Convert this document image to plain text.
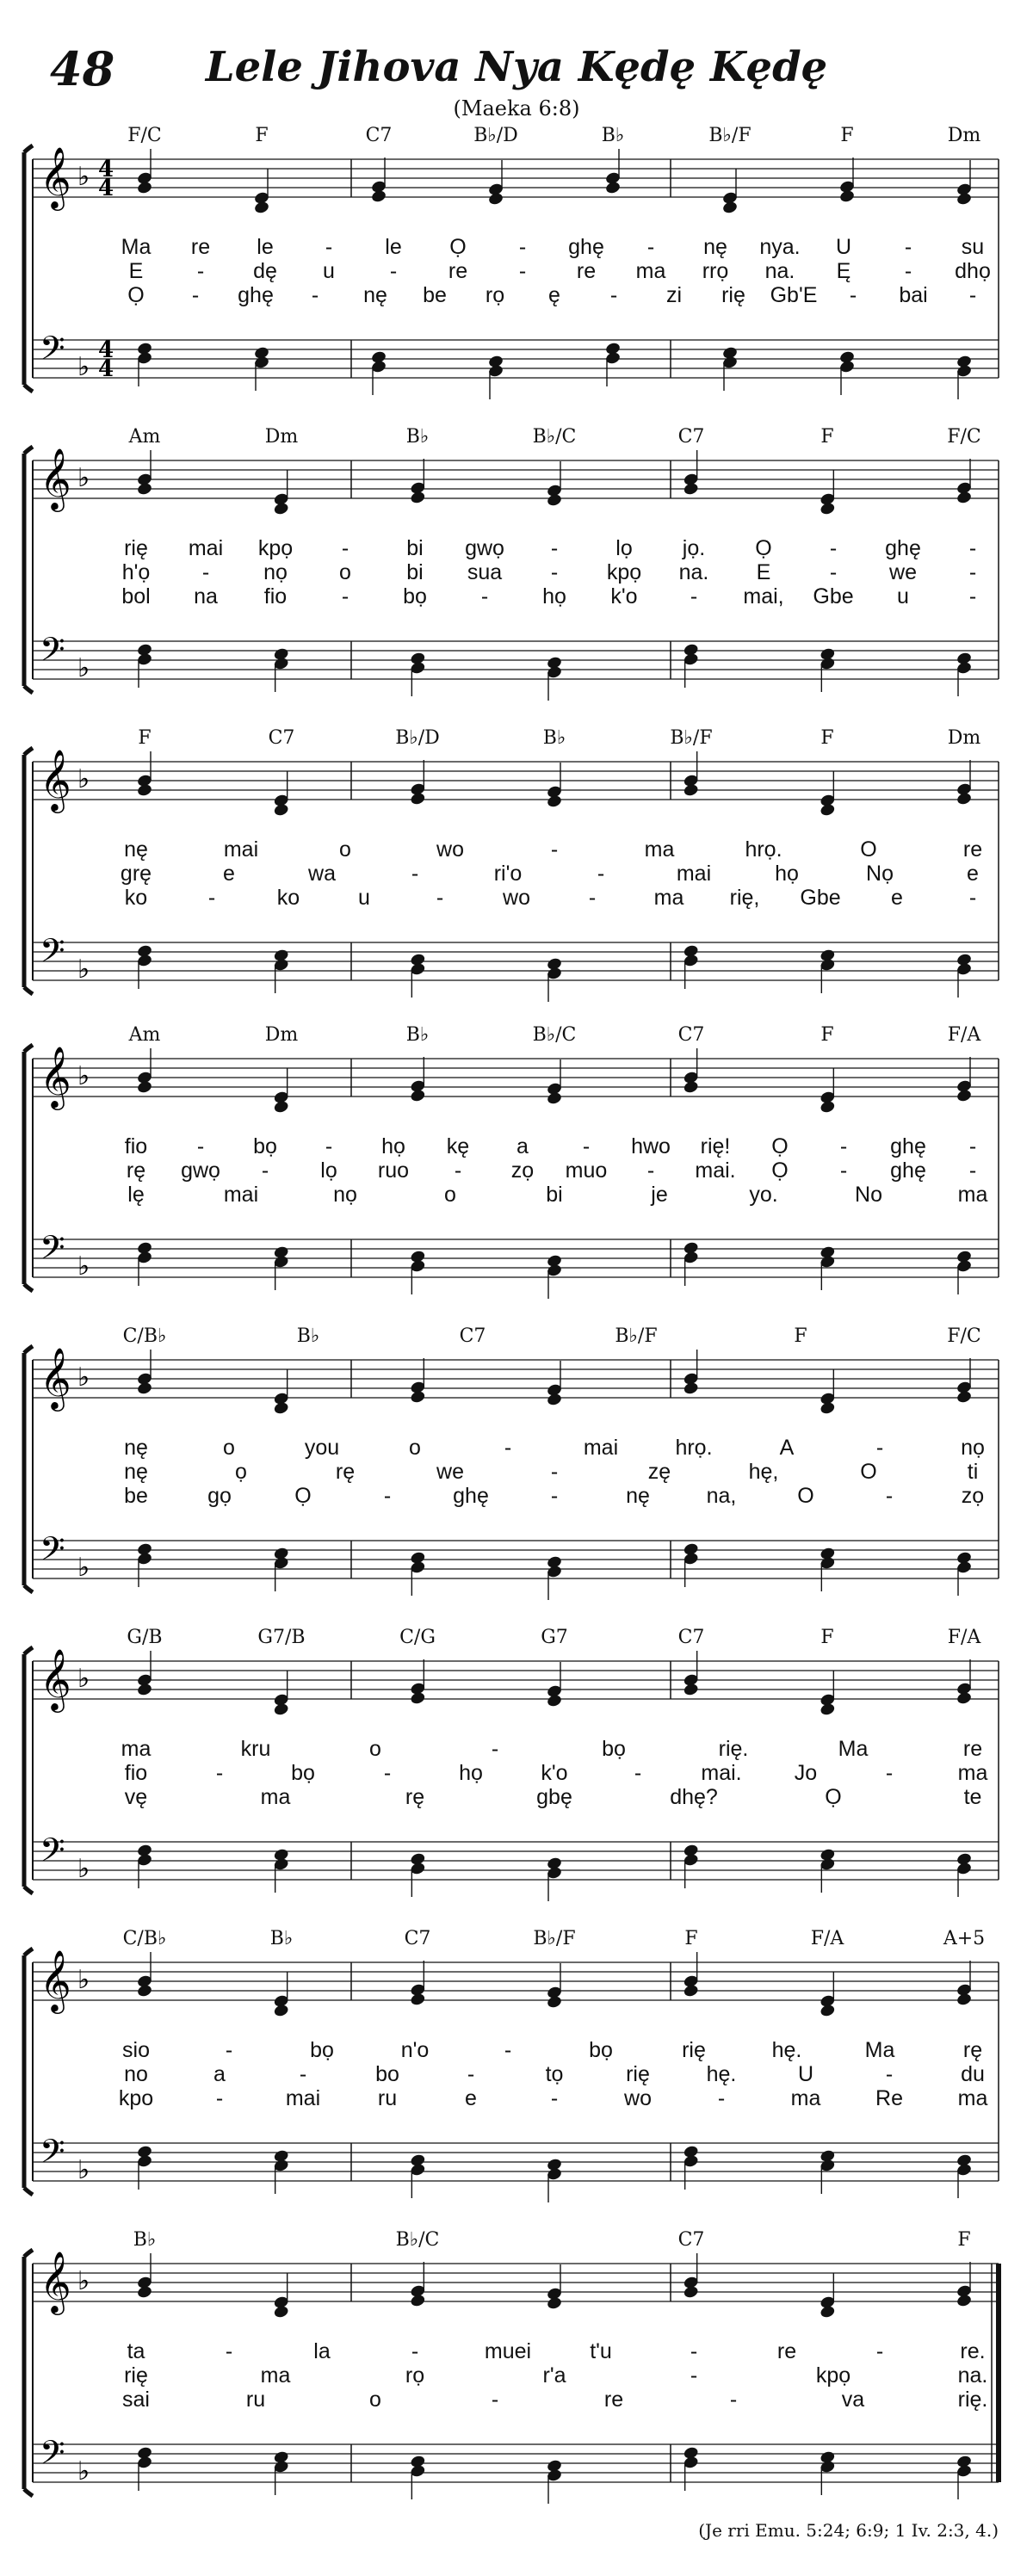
48	Lele Jihova Nya Kędę Kędę
(Maeka 6:8)
𝄞
𝄢
♭
♭
4
4
4
4
F/C	F	C7	B♭/D	B♭	B♭/F	F	Dm
Ma re le - le Ọ - ghę - nę nya. U - su
E - dę u	- re - re ma rrọ na. Ę - dhọ
Ọ - ghę - nę be rọ ę - zi rię Gb'E - bai -
𝄞
𝄢
♭
♭
Am	Dm	B♭	B♭/C	C7	F	F/C
rię mai kpọ -	bi gwọ -	lọ jọ. Ọ	- ghę -
h'ọ -	nọ o	bi sua - kpọ na. E	- we -
bol na fio	-	bọ	-	họ k'o - mai, Gbe u	-
𝄞
𝄢
♭
♭
F	C7	B♭/D	B♭	B♭/F	F	Dm
nę	mai	o	wo	-	ma	hrọ.	O	re
grę	e	wa	-	ri'o	-	mai	họ	Nọ	e
ko	-	ko	u	-	wo	-	ma rię, Gbe e	-
𝄞
𝄢
♭
♭
Am	Dm	B♭	B♭/C	C7	F	F/A
fio - bọ - họ kę a	- hwo rię! Ọ - ghę -
rę gwọ - lọ ruo - zọ muo - mai. Ọ - ghę -
lę	mai	nọ	o	bi	je	yo.	No	ma
𝄞
𝄢
♭
♭
C/B♭	B♭	C7	B♭/F	F	F/C
nę	o	you	o	-	mai	hrọ.	A	-	nọ
nę	ọ	rę	we	-	zę	hę,	O	ti
be	gọ	Ọ	-	ghę	-	nę	na,	O	-	zọ
𝄞
𝄢
♭
♭
G/B	G7/B	C/G	G7	C7	F	F/A
ma	kru	o	-	bọ	rię.	Ma	re
fio	-	bọ	-	họ	k'o	-	mai. Jo	-	ma
vę	ma	rę	gbę	dhę?	Ọ	te
𝄞
𝄢
♭
♭
C/B♭	B♭	C7	B♭/F	F	F/A	A+5
sio	-	bọ	n'o	-	bọ	rię	hę.	Ma	rę
no	a	-	bo	-	tọ	rię	hę.	U	-	du
kpo	-	mai	ru	e	-	wo	-	ma	Re	ma
𝄞
𝄢
♭
♭
B♭	B♭/C	C7	F
ta	-	la	-	muei	t'u	-	re	-	re.
rię	ma	rọ	r'a	-	kpọ	na.
sai	ru	o	-	re	-	va	rię.
(Je rri Emu. 5:24; 6:9; 1 Iv. 2:3, 4.)
